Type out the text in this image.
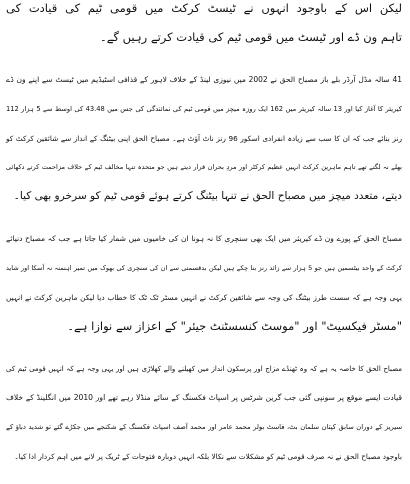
لیکن اس کے باوجود انہوں نے ٹیسٹ کرکٹ میں قومی ٹیم کی قیادت کی
تاہم ون ڈے اور ٹیسٹ میں قومی ٹیم کی قیادت کرتے رہیں گے۔

41 سالہ مڈل آرڈر بلے باز مصباح الحق نے 2002 میں نیوزی لینڈ کے خلاف لاہور کے قذافی اسٹیڈیم میں ٹیسٹ سے اپنے ون ڈے
کیریئر کا آغاز کیا اور 13 سالہ کیریئر میں 162 ایک روزہ میچز میں قومی ٹیم کی نمائندگی کی جس میں 43.48 کی اوسط سے 5 ہزار 112
رنز بنائے جب کہ ان کا سب سے زیادہ انفرادی اسکور 96 رنز ناٹ آؤٹ ہے۔ مصباح الحق اپنی بیٹنگ کے انداز سے شائقین کرکٹ کو
بھلے نہ لگتے تھے تاہم ماہرین کرکٹ انہیں عظیم کرکٹر اور مردِ بحران قرار دیتے ہیں جو متحدہ تنہا مخالف ٹیم کے خلاف مزاحمت کرتے دکھائی
دیتے، متعدد میچز میں مصباح الحق نے تنہا بیٹنگ کرتے ہوئے قومی ٹیم کو سرخرو بھی کیا۔

مصباح الحق کے پورے ون ڈے کیریئر میں ایک بھی سنچری کا نہ ہونا ان کی خامیوں میں شمار کیا جاتا ہے جب کہ مصباح دنیائے
کرکٹ کے واحد بیٹسمین ہیں جو 5 ہزار سے زائد رنز بنا چکے ہیں لیکن بدقسمتی سے ان کی سنچری کی بھوک میں تمیر اہنمنہ نہ آسکا اور شاید
یہی وجہ ہے کہ سست طرز بیٹنگ کی وجہ سے شائقین کرکٹ نے انہیں مسٹر ٹک ٹک کا خطاب دیا لیکن ماہرین کرکٹ نے انہیں
"مسٹر فیکسیٹ" اور "موسٹ کنسسٹنٹ جیئر" کے اعزاز سے نوازا ہے۔

مصباح الحق کا خاصہ یہ ہے کہ وہ ٹھنڈے مزاج اور پرسکون انداز میں کھیلنے والے کھلاڑی ہیں اور یہی وجہ ہے کہ انہیں قومی ٹیم کی
قیادت ایسے موقع پر سونپی گئی جب گرین شرٹس پر اسپاٹ فکسنگ کے سائے منڈلا رہے تھے اور 2010 میں انگلینڈ کے خلاف
سیریز کے دوران سابق کپتان سلمان بٹ، فاسٹ بولر محمد عامر اور محمد آصف اسپاٹ فکسنگ کے شکنجے میں جکڑے گئے تو شدید دباؤ کے
باوجود مصباح الحق نے نہ صرف قومی ٹیم کو مشکلات سے نکالا بلکہ انہیں دوبارہ فتوحات کے ٹریک پر لانے میں اہم کردار ادا کیا۔
